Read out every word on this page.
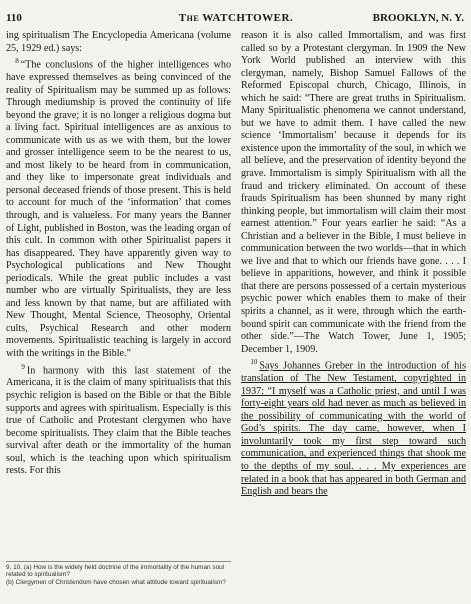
110	The WATCHTOWER.	BROOKLYN, N. Y.

ing spiritualism The Encyclopedia Americana (volume 25, 1929 ed.) says:

$^8$ “The conclusions of the higher intelligences who have expressed themselves as being convinced of the reality of Spiritualism may be summed up as follows: Through mediumship is proved the continuity of life beyond the grave; it is no longer a religious dogma but a living fact. Spiritual intelligences are as anxious to communicate with us as we with them, but the lower and grosser intelligence seem to be the nearest to us, and most likely to be heard from in communication, and they like to impersonate great individuals and personal deceased friends of those present. This is held to account for much of the ‘information’ that comes through, and is valueless. For many years the Banner of Light, published in Boston, was the leading organ of this cult. In common with other Spiritualist papers it has disappeared. They have apparently given way to Psychological publications and New Thought periodicals. While the great public includes a vast number who are virtually Spiritualists, they are less and less known by that name, but are affiliated with New Thought, Mental Science, Theosophy, Oriental cults, Psychical Research and other modern movements. Spiritualistic teaching is largely in accord with the writings in the Bible.”

$^9$ In harmony with this last statement of the Americana, it is the claim of many spiritualists that this psychic religion is based on the Bible or that the Bible supports and agrees with spiritualism. Especially is this true of Catholic and Protestant clergymen who have become spiritualists. They claim that the Bible teaches survival after death or the immortality of the human soul, which is the teaching upon which spiritualism rests. For this

reason it is also called Immortalism, and was first called so by a Protestant clergyman. In 1909 the New York World published an interview with this clergyman, namely, Bishop Samuel Fallows of the Reformed Episcopal church, Chicago, Illinois, in which he said: “There are great truths in Spiritualism. Many Spiritualistic phenomena we cannot understand, but we have to admit them. I have called the new science ‘Immortalism’ because it depends for its existence upon the immortality of the soul, in which we all believe, and the preservation of identity beyond the grave. Immortalism is simply Spiritualism with all the fraud and trickery eliminated. On account of these frauds Spiritualism has been shunned by many right thinking people, but immortalism will claim their most earnest attention.” Four years earlier he said: “As a Christian and a believer in the Bible, I must believe in communication between the two worlds—that in which we live and that to which our friends have gone. . . . I believe in apparitions, however, and think it possible that there are persons possessed of a certain mysterious psychic power which enables them to make of their spirits a channel, as it were, through which the earth-bound spirit can communicate with the friend from the other side.”—The Watch Tower, June 1, 1905; December 1, 1909.

$^{10}$ Says Johannes Greber in the introduction of his translation of The New Testament, copyrighted in 1937: “I myself was a Catholic priest, and until I was forty-eight years old had never as much as believed in the possibility of communicating with the world of God’s spirits. The day came, however, when I involuntarily took my first step toward such communication, and experienced things that shook me to the depths of my soul. . . . My experiences are related in a book that has appeared in both German and English and bears the

9, 10. (a) How is the widely held doctrine of the immortality of the human soul related to spiritualism?
(b) Clergymen of Christendom have chosen what attitude toward spiritualism?
